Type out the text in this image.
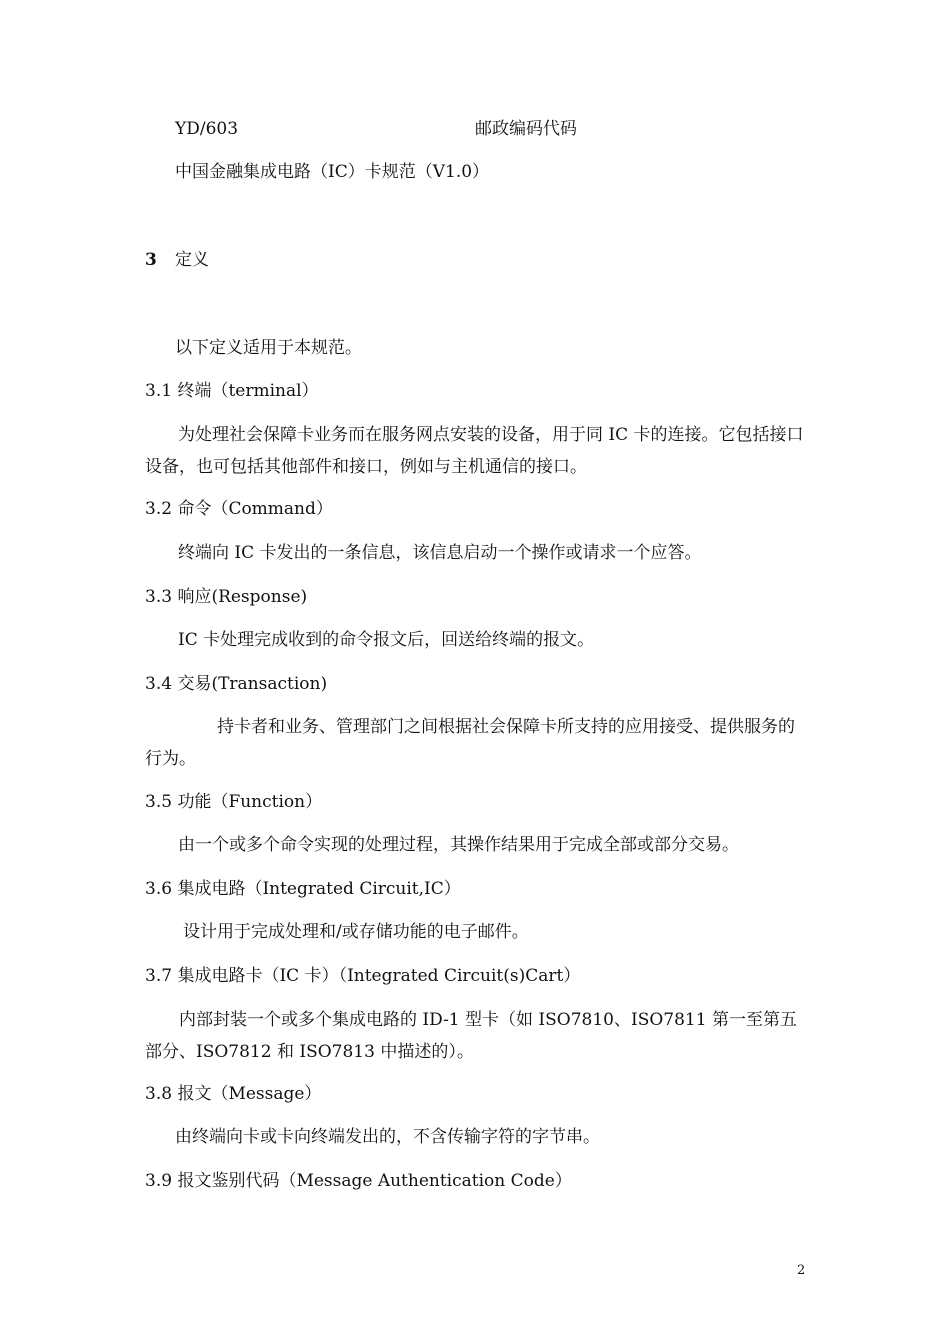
YD/603	邮政编码代码

中国金融集成电路（IC）卡规范（V1.0）

3 定义

以下定义适用于本规范。

3.1 终端（terminal）

为处理社会保障卡业务而在服务网点安装的设备，用于同 IC 卡的连接。它包括接口设备，也可包括其他部件和接口，例如与主机通信的接口。

3.2 命令（Command）

终端向 IC 卡发出的一条信息，该信息启动一个操作或请求一个应答。

3.3 响应(Response)

IC 卡处理完成收到的命令报文后，回送给终端的报文。

3.4 交易(Transaction)

持卡者和业务、管理部门之间根据社会保障卡所支持的应用接受、提供服务的行为。

3.5 功能（Function）

由一个或多个命令实现的处理过程，其操作结果用于完成全部或部分交易。

3.6 集成电路（Integrated Circuit,IC）

设计用于完成处理和/或存储功能的电子邮件。

3.7 集成电路卡（IC 卡）（Integrated Circuit(s)Cart）

内部封装一个或多个集成电路的 ID-1 型卡（如 ISO7810、ISO7811 第一至第五部分、ISO7812 和 ISO7813 中描述的）。

3.8 报文（Message）

由终端向卡或卡向终端发出的，不含传输字符的字节串。

3.9 报文鉴别代码（Message Authentication Code）

2
